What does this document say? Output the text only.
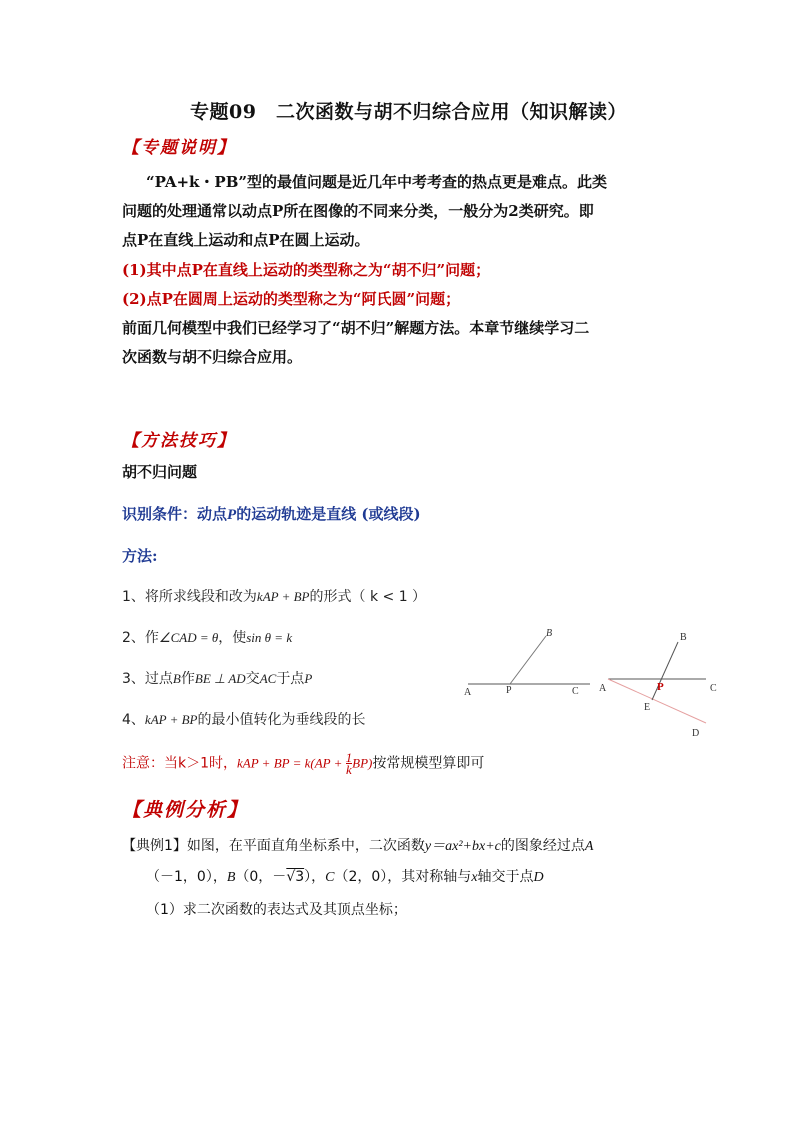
专题09　二次函数与胡不归综合应用（知识解读）
【专题说明】
“PA+k・PB”型的最值问题是近几年中考考查的热点更是难点。此类
问题的处理通常以动点P所在图像的不同来分类，一般分为2类研究。即
点P在直线上运动和点P在圆上运动。
(1)其中点P在直线上运动的类型称之为“胡不归”问题；
(2)点P在圆周上运动的类型称之为“阿氏圆”问题；
前面几何模型中我们已经学习了“胡不归”解题方法。本章节继续学习二
次函数与胡不归综合应用。
【方法技巧】
胡不归问题
识别条件：动点P的运动轨迹是直线 (或线段)
方法:
1、将所求线段和改为kAP + BP的形式（ k < 1 ）
2、作∠CAD = θ，使sin θ = k
3、过点B作BE ⊥ AD交AC于点P
4、kAP + BP的最小值转化为垂线段的长
注意：当k＞1时，kAP + BP = $k(AP + \frac{1}{k} BP)$按常规模型算即可
A	P	C
B
A	P	C
B
E
D
【典例分析】
【典例1】如图，在平面直角坐标系中，二次函数y＝ax²+bx+c的图象经过点A
（－1，0），B（0，－√3），C（2，0），其对称轴与x轴交于点D
（1）求二次函数的表达式及其顶点坐标；
